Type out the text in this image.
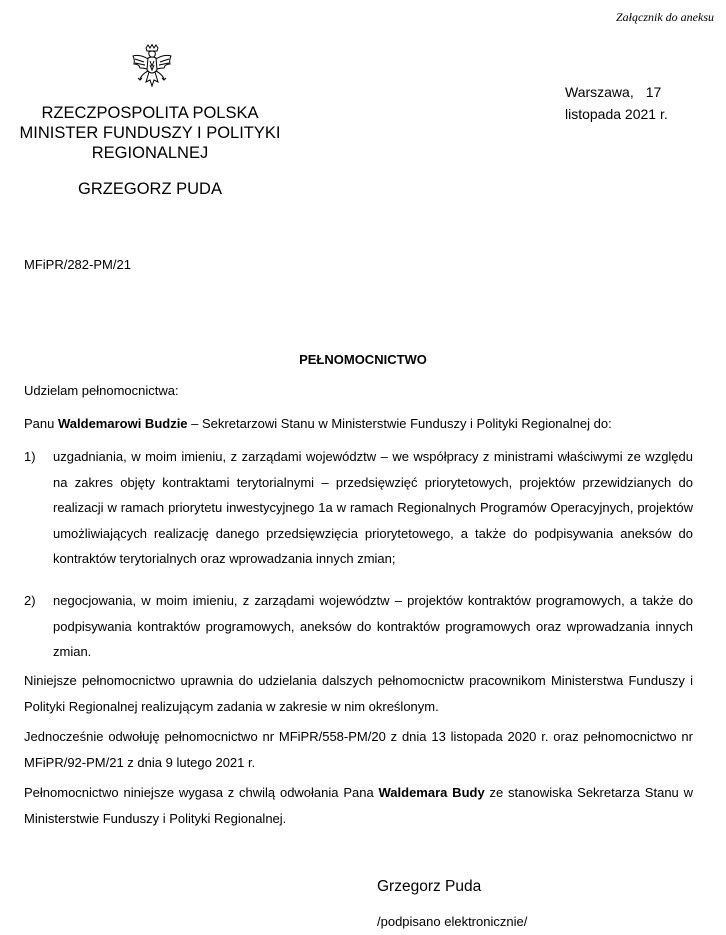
Załącznik do aneksu
RZECZPOSPOLITA POLSKA
MINISTER FUNDUSZY I POLITYKI
REGIONALNEJ
GRZEGORZ PUDA
Warszawa, 17
listopada 2021 r.
MFiPR/282-PM/21
PEŁNOMOCNICTWO
Udzielam pełnomocnictwa:
Panu Waldemarowi Budzie – Sekretarzowi Stanu w Ministerstwie Funduszy i Polityki Regionalnej do:
1) uzgadniania, w moim imieniu, z zarządami województw – we współpracy z ministrami właściwymi ze względu na zakres objęty kontraktami terytorialnymi – przedsięwzięć priorytetowych, projektów przewidzianych do realizacji w ramach priorytetu inwestycyjnego 1a w ramach Regionalnych Programów Operacyjnych, projektów umożliwiających realizację danego przedsięwzięcia priorytetowego, a także do podpisywania aneksów do kontraktów terytorialnych oraz wprowadzania innych zmian;
2) negocjowania, w moim imieniu, z zarządami województw – projektów kontraktów programowych, a także do podpisywania kontraktów programowych, aneksów do kontraktów programowych oraz wprowadzania innych zmian.
Niniejsze pełnomocnictwo uprawnia do udzielania dalszych pełnomocnictw pracownikom Ministerstwa Funduszy i Polityki Regionalnej realizującym zadania w zakresie w nim określonym.
Jednocześnie odwołuję pełnomocnictwo nr MFiPR/558-PM/20 z dnia 13 listopada 2020 r. oraz pełnomocnictwo nr MFiPR/92-PM/21 z dnia 9 lutego 2021 r.
Pełnomocnictwo niniejsze wygasa z chwilą odwołania Pana Waldemara Budy ze stanowiska Sekretarza Stanu w Ministerstwie Funduszy i Polityki Regionalnej.
Grzegorz Puda
/podpisano elektronicznie/
